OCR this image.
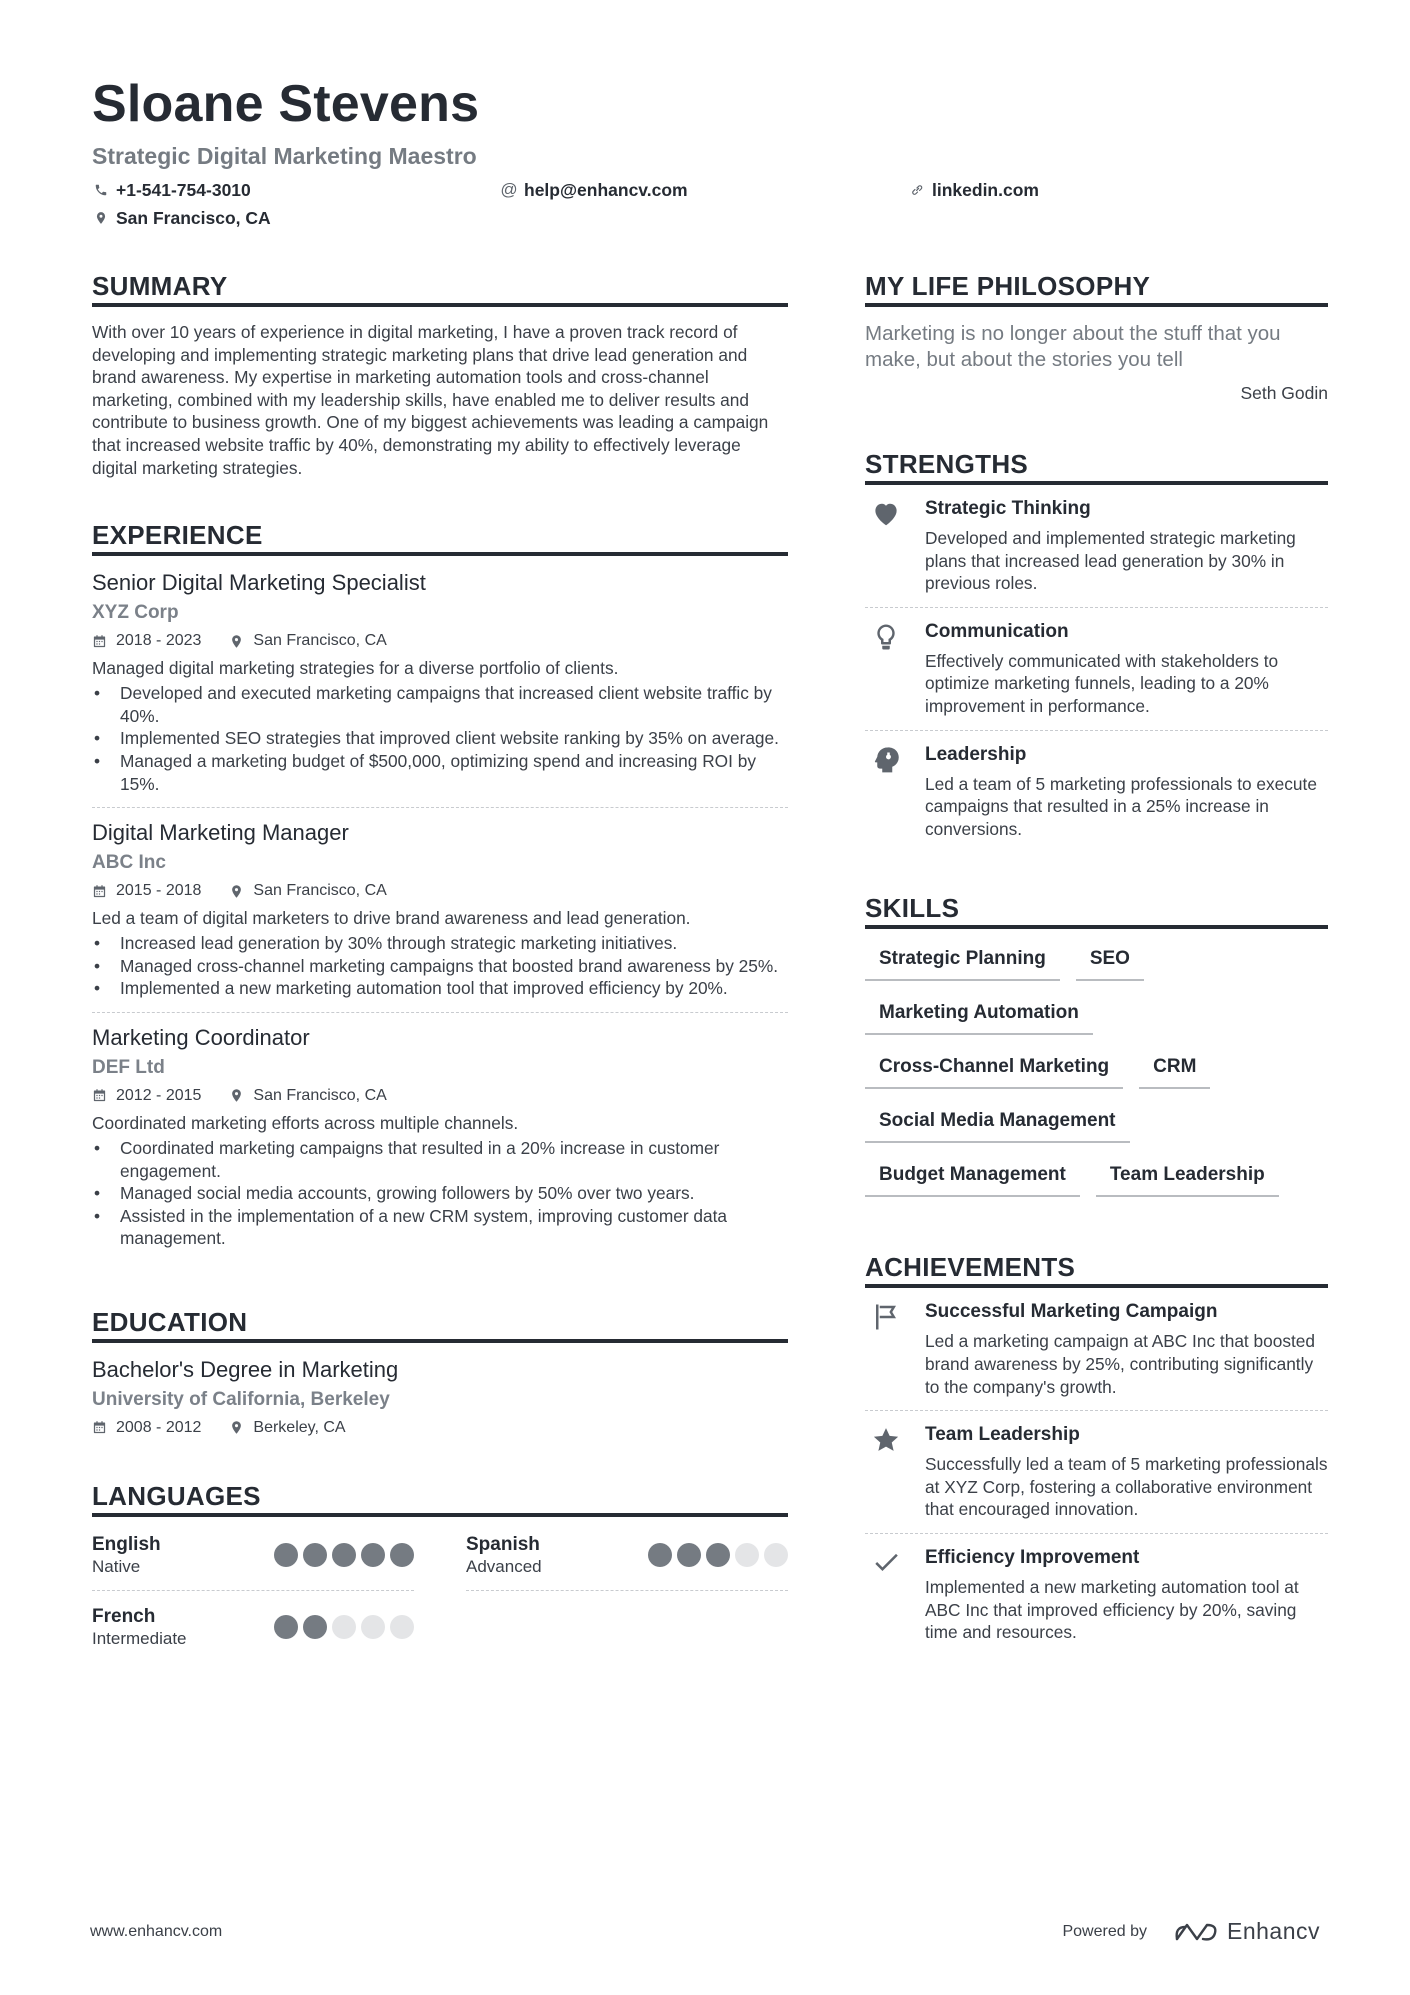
Sloane Stevens
Strategic Digital Marketing Maestro
+1-541-754-3010	@ help@enhancv.com	linkedin.com
San Francisco, CA
SUMMARY

With over 10 years of experience in digital marketing, I have a proven track record of developing and implementing strategic marketing plans that drive lead generation and brand awareness. My expertise in marketing automation tools and cross-channel marketing, combined with my leadership skills, have enabled me to deliver results and contribute to business growth. One of my biggest achievements was leading a campaign that increased website traffic by 40%, demonstrating my ability to effectively leverage digital marketing strategies.

EXPERIENCE
Senior Digital Marketing Specialist
XYZ Corp
2018 - 2023	San Francisco, CA
Managed digital marketing strategies for a diverse portfolio of clients.
• Developed and executed marketing campaigns that increased client website traffic by 40%.
• Implemented SEO strategies that improved client website ranking by 35% on average.
• Managed a marketing budget of $500,000, optimizing spend and increasing ROI by 15%.
Digital Marketing Manager
ABC Inc
2015 - 2018	San Francisco, CA
Led a team of digital marketers to drive brand awareness and lead generation.
• Increased lead generation by 30% through strategic marketing initiatives.
• Managed cross-channel marketing campaigns that boosted brand awareness by 25%.
• Implemented a new marketing automation tool that improved efficiency by 20%.
Marketing Coordinator
DEF Ltd
2012 - 2015	San Francisco, CA
Coordinated marketing efforts across multiple channels.
• Coordinated marketing campaigns that resulted in a 20% increase in customer engagement.
• Managed social media accounts, growing followers by 50% over two years.
• Assisted in the implementation of a new CRM system, improving customer data management.
EDUCATION
Bachelor's Degree in Marketing
University of California, Berkeley
2008 - 2012	Berkeley, CA
LANGUAGES
English
Native
Spanish
Advanced
French
Intermediate
MY LIFE PHILOSOPHY

Marketing is no longer about the stuff that you make, but about the stories you tell

Seth Godin
STRENGTHS
Strategic Thinking
Developed and implemented strategic marketing plans that increased lead generation by 30% in previous roles.
Communication
Effectively communicated with stakeholders to optimize marketing funnels, leading to a 20% improvement in performance.
Leadership
Led a team of 5 marketing professionals to execute campaigns that resulted in a 25% increase in conversions.
SKILLS
Strategic Planning	SEO
Marketing Automation
Cross-Channel Marketing	CRM
Social Media Management
Budget Management	Team Leadership
ACHIEVEMENTS
Successful Marketing Campaign
Led a marketing campaign at ABC Inc that boosted brand awareness by 25%, contributing significantly to the company's growth.
Team Leadership
Successfully led a team of 5 marketing professionals at XYZ Corp, fostering a collaborative environment that encouraged innovation.
Efficiency Improvement
Implemented a new marketing automation tool at ABC Inc that improved efficiency by 20%, saving time and resources.
www.enhancv.com	Powered by	Enhancv
